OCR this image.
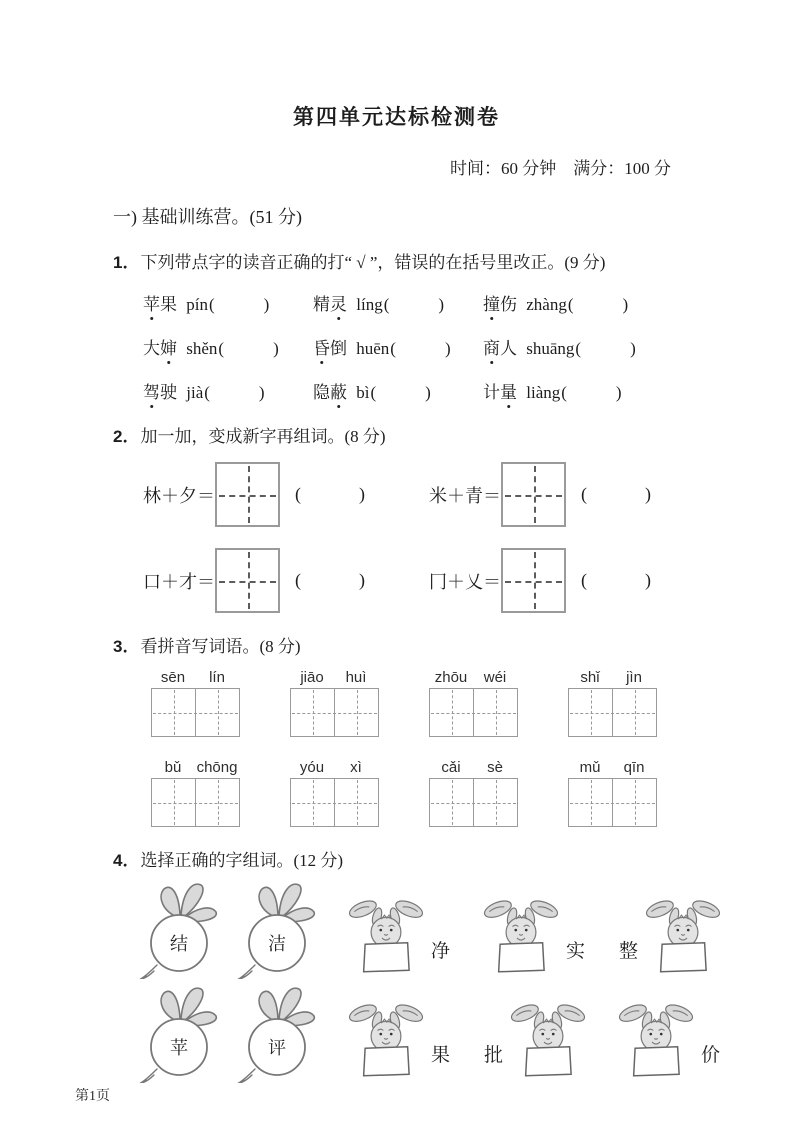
第四单元达标检测卷
时间：60 分钟　满分：100 分
一) 基础训练营。(51 分)
1．下列带点字的读音正确的打“ √ ”，错误的在括号里改正。(9 分)
苹果 pín(	)	精灵 líng(	)	撞伤 zhàng(	)
大婶 shěn(	)	昏倒 huēn(	)	商人 shuāng(	)
驾驶 jià(	)	隐蔽 bì(	)	计量 liàng(	)
2．加一加，变成新字再组词。(8 分)
林＋夕＝	(	)	米＋青＝	(	)
口＋才＝	(	)	冂＋乂＝	(	)
3．看拼音写词语。(8 分)
sēn	lín	jiāo	huì	zhōu	wéi	shǐ	jìn
bǔ	chōng	yóu	xì	cǎi	sè	mǔ	qīn
4．选择正确的字组词。(12 分)
结	洁	净	实 整
苹	评	果 批	价
第1页
